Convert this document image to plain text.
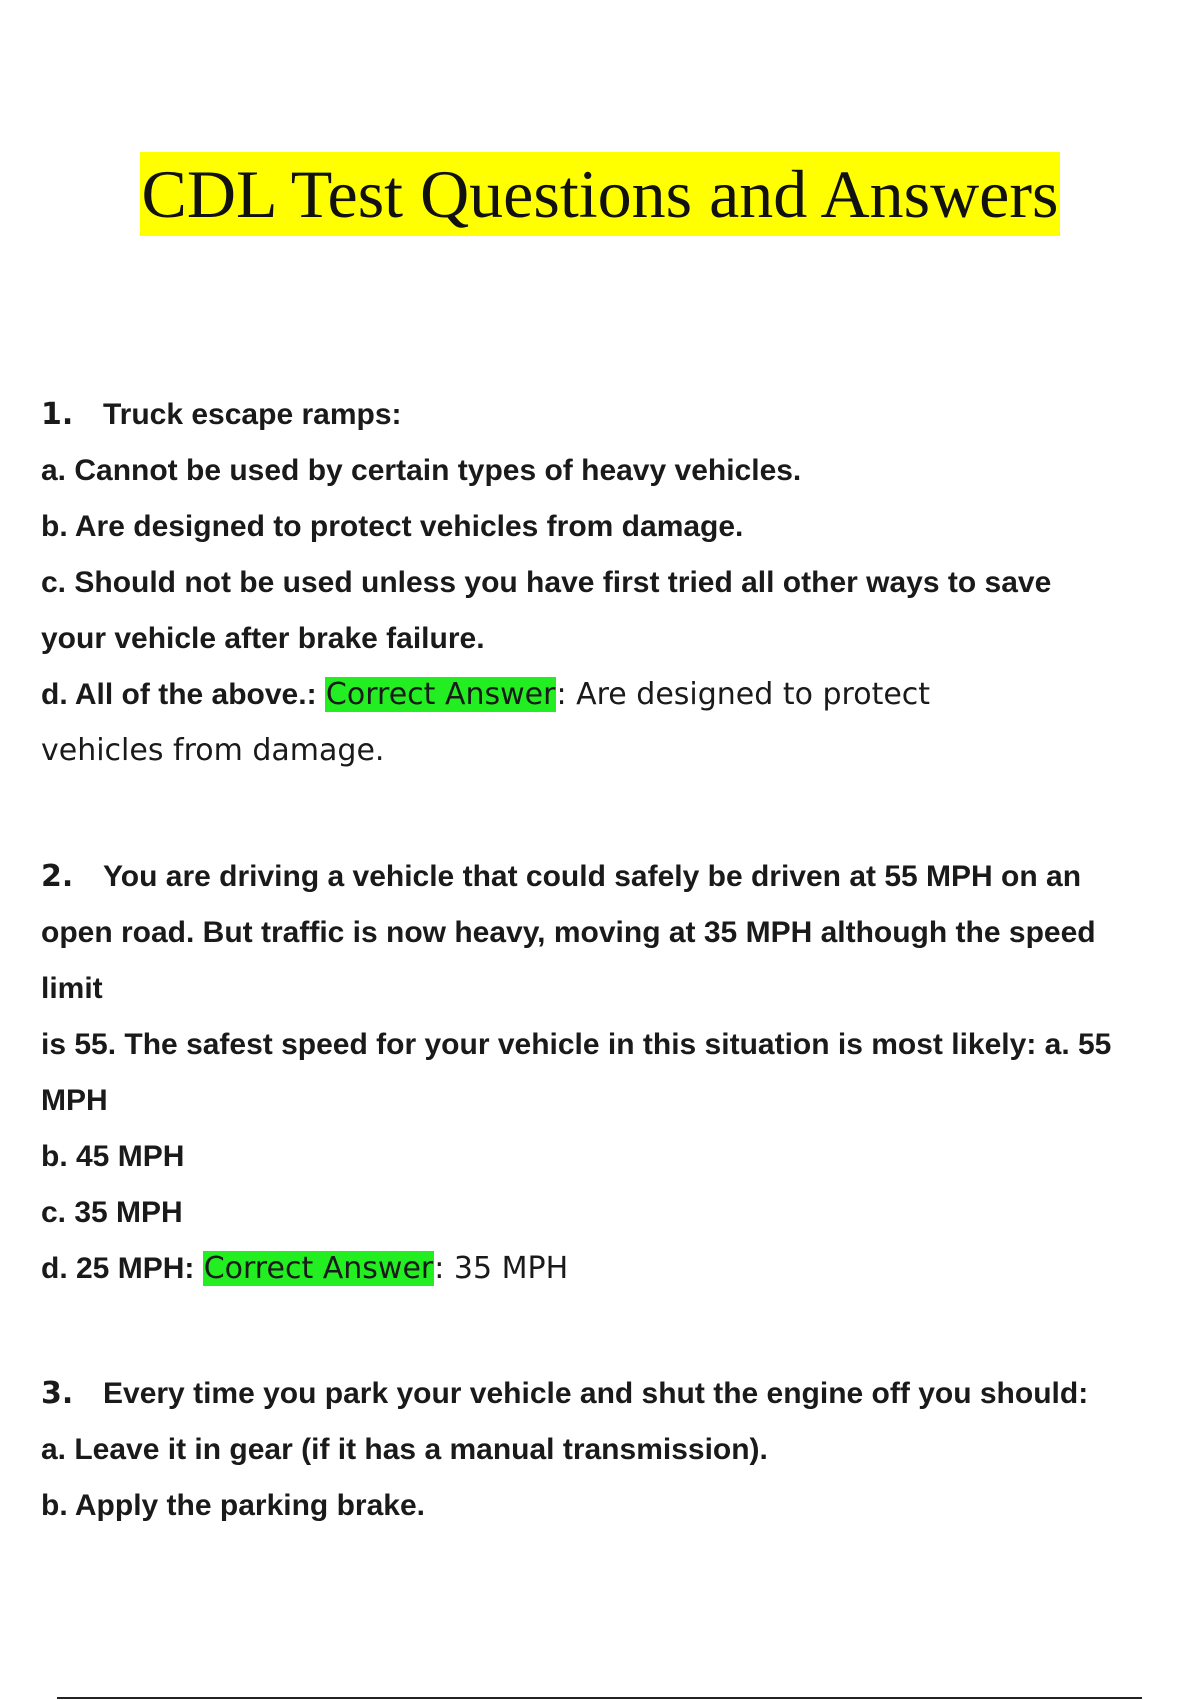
CDL Test Questions and Answers
1. Truck escape ramps:
a. Cannot be used by certain types of heavy vehicles.
b. Are designed to protect vehicles from damage.
c. Should not be used unless you have first tried all other ways to save
your vehicle after brake failure.
d. All of the above.: Correct Answer: Are designed to protect
vehicles from damage.
2. You are driving a vehicle that could safely be driven at 55 MPH on an
open road. But traffic is now heavy, moving at 35 MPH although the speed
limit
is 55. The safest speed for your vehicle in this situation is most likely: a. 55
MPH
b. 45 MPH
c. 35 MPH
d. 25 MPH: Correct Answer: 35 MPH
3. Every time you park your vehicle and shut the engine off you should:
a. Leave it in gear (if it has a manual transmission).
b. Apply the parking brake.
